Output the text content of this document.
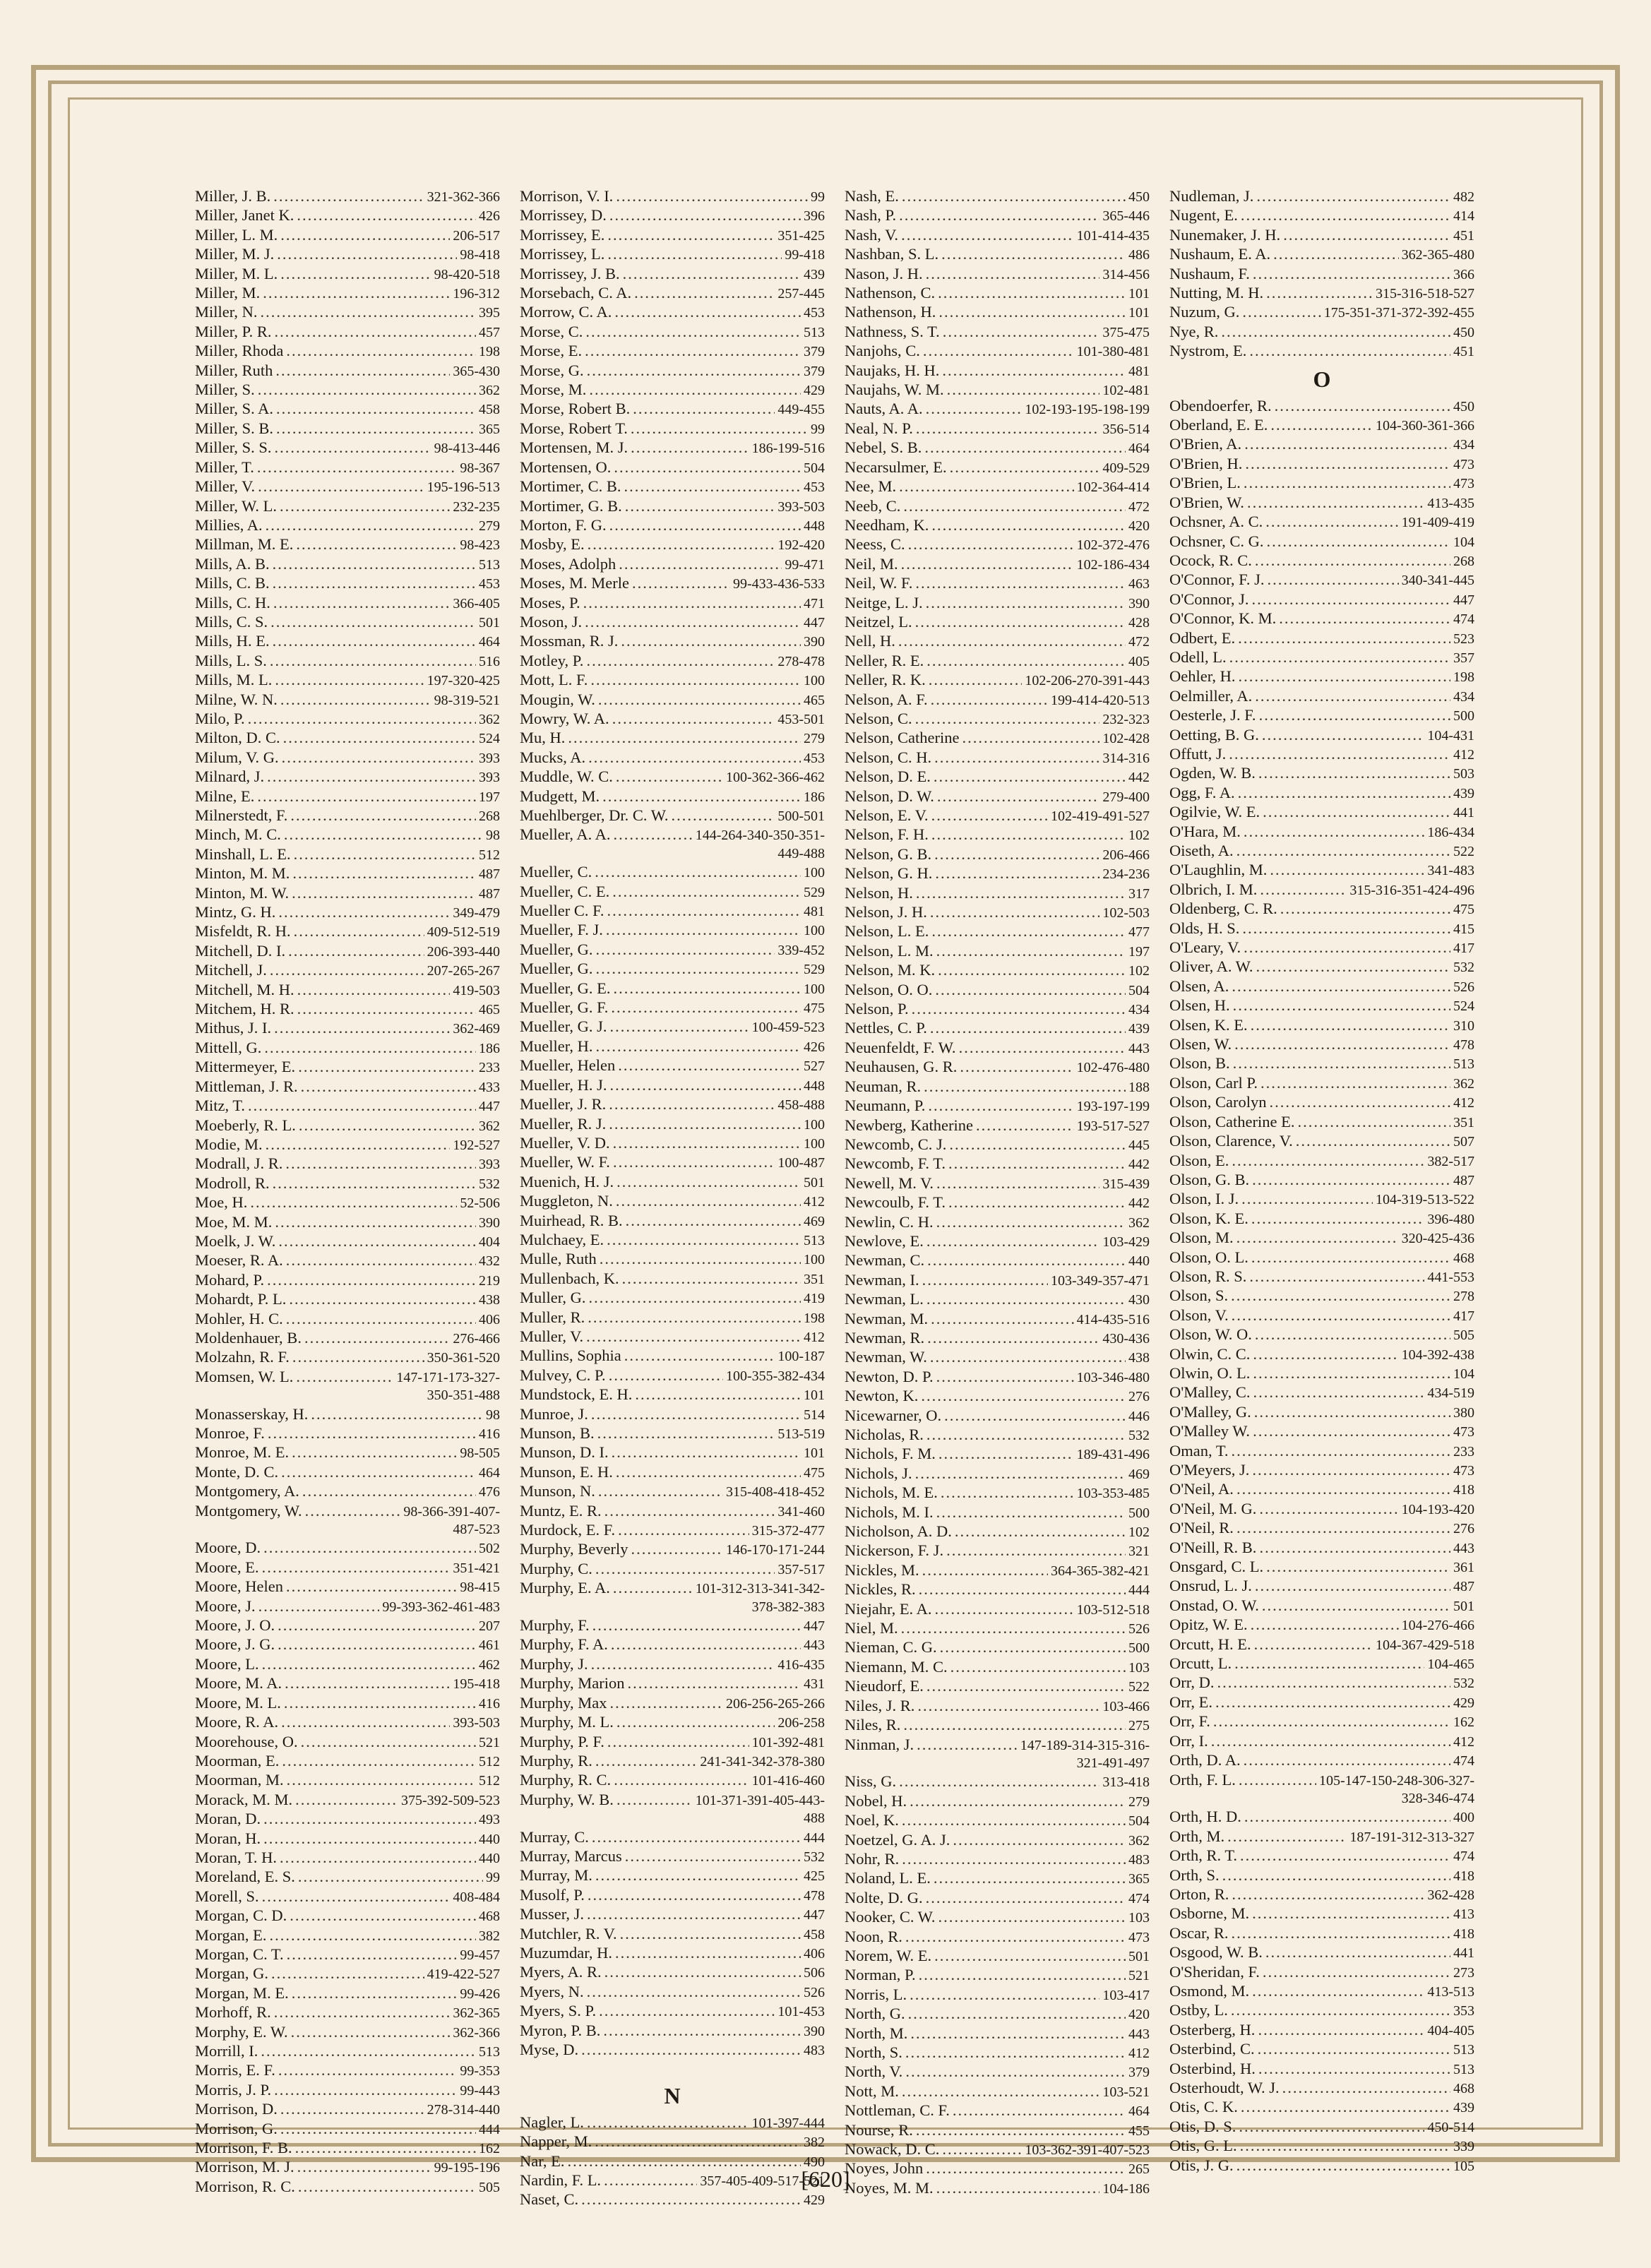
Miller, J. B. .....	321-362-366
Miller, Janet K. .....	426
Miller, L. M. .....	206-517
Miller, M. J. .....	98-418
Miller, M. L. .....	98-420-518
Miller, M. .....	196-312
Miller, N. .....	395
Miller, P. R. .....	457
Miller, Rhoda .....	198
Miller, Ruth .....	365-430
Miller, S. .....	362
Miller, S. A. .....	458
Miller, S. B. .....	365
Miller, S. S. .....	98-413-446
Miller, T. .....	98-367
Miller, V. .....	195-196-513
Miller, W. L. .....	232-235
Millies, A. .....	279
Millman, M. E. .....	98-423
Mills, A. B. .....	513
Mills, C. B. .....	453
Mills, C. H. .....	366-405
Mills, C. S. .....	501
Mills, H. E. .....	464
Mills, L. S. .....	516
Mills, M. L. .....	197-320-425
Milne, W. N. .....	98-319-521
Milo, P. .....	362
Milton, D. C. .....	524
Milum, V. G. .....	393
Milnard, J. .....	393
Milne, E. .....	197
Milnerstedt, F. .....	268
Minch, M. C. .....	98
Minshall, L. E. .....	512
Minton, M. M. .....	487
Minton, M. W. .....	487
Mintz, G. H. .....	349-479
Misfeldt, R. H. .....	409-512-519
Mitchell, D. I. .....	206-393-440
Mitchell, J. .....	207-265-267
Mitchell, M. H. .....	419-503
Mitchem, H. R. .....	465
Mithus, J. I. .....	362-469
Mittell, G. .....	186
Mittermeyer, E. .....	233
Mittleman, J. R. .....	433
Mitz, T. .....	447
Moeberly, R. L. .....	362
Modie, M. .....	192-527
Modrall, J. R. .....	393
Modroll, R. .....	532
Moe, H. .....	52-506
Moe, M. M. .....	390
Moelk, J. W. .....	404
Moeser, R. A. .....	432
Mohard, P. .....	219
Mohardt, P. L. .....	438
Mohler, H. C. .....	406
Moldenhauer, B. .....	276-466
Molzahn, R. F. .....	350-361-520
Momsen, W. L. .....	147-171-173-327-
350-351-488
Monasserskay, H. .....	98
Monroe, F. .....	416
Monroe, M. E. .....	98-505
Monte, D. C. .....	464
Montgomery, A. .....	476
Montgomery, W. .....	98-366-391-407-
487-523
Moore, D. .....	502
Moore, E. .....	351-421
Moore, Helen .....	98-415
Moore, J. .....	99-393-362-461-483
Moore, J. O. .....	207
Moore, J. G. .....	461
Moore, L. .....	462
Moore, M. A. .....	195-418
Moore, M. L. .....	416
Moore, R. A. .....	393-503
Moorehouse, O. .....	521
Moorman, E. .....	512
Moorman, M. .....	512
Morack, M. M. .....	375-392-509-523
Moran, D. .....	493
Moran, H. .....	440
Moran, T. H. .....	440
Moreland, E. S. .....	99
Morell, S. .....	408-484
Morgan, C. D. .....	468
Morgan, E. .....	382
Morgan, C. T. .....	99-457
Morgan, G. .....	419-422-527
Morgan, M. E. .....	99-426
Morhoff, R. .....	362-365
Morphy, E. W. .....	362-366
Morrill, I. .....	513
Morris, E. F. .....	99-353
Morris, J. P. .....	99-443
Morrison, D. .....	278-314-440
Morrison, G. .....	444
Morrison, F. B. .....	162
Morrison, M. J. .....	99-195-196
Morrison, R. C. .....	505
Morrison, V. I. .....	99
Morrissey, D. .....	396
Morrissey, E. .....	351-425
Morrissey, L. .....	99-418
Morrissey, J. B. .....	439
Morsebach, C. A. .....	257-445
Morrow, C. A. .....	453
Morse, C. .....	513
Morse, E. .....	379
Morse, G. .....	379
Morse, M. .....	429
Morse, Robert B. .....	449-455
Morse, Robert T. .....	99
Mortensen, M. J. .....	186-199-516
Mortensen, O. .....	504
Mortimer, C. B. .....	453
Mortimer, G. B. .....	393-503
Morton, F. G. .....	448
Mosby, E. .....	192-420
Moses, Adolph .....	99-471
Moses, M. Merle .....	99-433-436-533
Moses, P. .....	471
Moson, J. .....	447
Mossman, R. J. .....	390
Motley, P. .....	278-478
Mott, L. F. .....	100
Mougin, W. .....	465
Mowry, W. A. .....	453-501
Mu, H. .....	279
Mucks, A. .....	453
Muddle, W. C. .....	100-362-366-462
Mudgett, M. .....	186
Muehlberger, Dr. C. W. .....	500-501
Mueller, A. A. .....	144-264-340-350-351-
449-488
Mueller, C. .....	100
Mueller, C. E. .....	529
Mueller C. F. .....	481
Mueller, F. J. .....	100
Mueller, G. .....	339-452
Mueller, G. .....	529
Mueller, G. E. .....	100
Mueller, G. F. .....	475
Mueller, G. J. .....	100-459-523
Mueller, H. .....	426
Mueller, Helen .....	527
Mueller, H. J. .....	448
Mueller, J. R. .....	458-488
Mueller, R. J. .....	100
Mueller, V. D. .....	100
Mueller, W. F. .....	100-487
Muenich, H. J. .....	501
Muggleton, N. .....	412
Muirhead, R. B. .....	469
Mulchaey, E. .....	513
Mulle, Ruth .....	100
Mullenbach, K. .....	351
Muller, G. .....	419
Muller, R. .....	198
Muller, V. .....	412
Mullins, Sophia .....	100-187
Mulvey, C. P. .....	100-355-382-434
Mundstock, E. H. .....	101
Munroe, J. .....	514
Munson, B. .....	513-519
Munson, D. I. .....	101
Munson, E. H. .....	475
Munson, N. .....	315-408-418-452
Muntz, E. R. .....	341-460
Murdock, E. F. .....	315-372-477
Murphy, Beverly .....	146-170-171-244
Murphy, C. .....	357-517
Murphy, E. A. .....	101-312-313-341-342-
378-382-383
Murphy, F. .....	447
Murphy, F. A. .....	443
Murphy, J. .....	416-435
Murphy, Marion .....	431
Murphy, Max .....	206-256-265-266
Murphy, M. L. .....	206-258
Murphy, P. F. .....	101-392-481
Murphy, R. .....	241-341-342-378-380
Murphy, R. C. .....	101-416-460
Murphy, W. B. .....	101-371-391-405-443-
488
Murray, C. .....	444
Murray, Marcus .....	532
Murray, M. .....	425
Musolf, P. .....	478
Musser, J. .....	447
Mutchler, R. V. .....	458
Muzumdar, H. .....	406
Myers, A. R. .....	506
Myers, N. .....	526
Myers, S. P. .....	101-453
Myron, P. B. .....	390
Myse, D. .....	483
N
Nagler, L. .....	101-397-444
Napper, M. .....	382
Nar, E. .....	490
Nardin, F. L. .....	357-405-409-517-521
Naset, C. .....	429
Nash, E. .....	450
Nash, P. .....	365-446
Nash, V. .....	101-414-435
Nashban, S. L. .....	486
Nason, J. H. .....	314-456
Nathenson, C. .....	101
Nathenson, H. .....	101
Nathness, S. T. .....	375-475
Nanjohs, C. .....	101-380-481
Naujaks, H. H. .....	481
Naujahs, W. M. .....	102-481
Nauts, A. A. .....	102-193-195-198-199
Neal, N. P. .....	356-514
Nebel, S. B. .....	464
Necarsulmer, E. .....	409-529
Nee, M. .....	102-364-414
Neeb, C. .....	472
Needham, K. .....	420
Neess, C. .....	102-372-476
Neil, M. .....	102-186-434
Neil, W. F. .....	463
Neitge, L. J. .....	390
Neitzel, L. .....	428
Nell, H. .....	472
Neller, R. E. .....	405
Neller, R. K. .....	102-206-270-391-443
Nelson, A. F. .....	199-414-420-513
Nelson, C. .....	232-323
Nelson, Catherine .....	102-428
Nelson, C. H. .....	314-316
Nelson, D. E. .....	442
Nelson, D. W. .....	279-400
Nelson, E. V. .....	102-419-491-527
Nelson, F. H. .....	102
Nelson, G. B. .....	206-466
Nelson, G. H. .....	234-236
Nelson, H. .....	317
Nelson, J. H. .....	102-503
Nelson, L. E. .....	477
Nelson, L. M. .....	197
Nelson, M. K. .....	102
Nelson, O. O. .....	504
Nelson, P. .....	434
Nettles, C. P. .....	439
Neuenfeldt, F. W. .....	443
Neuhausen, G. R. .....	102-476-480
Neuman, R. .....	188
Neumann, P. .....	193-197-199
Newberg, Katherine .....	193-517-527
Newcomb, C. J. .....	445
Newcomb, F. T. .....	442
Newell, M. V. .....	315-439
Newcoulb, F. T. .....	442
Newlin, C. H. .....	362
Newlove, E. .....	103-429
Newman, C. .....	440
Newman, I. .....	103-349-357-471
Newman, L. .....	430
Newman, M. .....	414-435-516
Newman, R. .....	430-436
Newman, W. .....	438
Newton, D. P. .....	103-346-480
Newton, K. .....	276
Nicewarner, O. .....	446
Nicholas, R. .....	532
Nichols, F. M. .....	189-431-496
Nichols, J. .....	469
Nichols, M. E. .....	103-353-485
Nichols, M. I. .....	500
Nicholson, A. D. .....	102
Nickerson, F. J. .....	321
Nickles, M. .....	364-365-382-421
Nickles, R. .....	444
Niejahr, E. A. .....	103-512-518
Niel, M. .....	526
Nieman, C. G. .....	500
Niemann, M. C. .....	103
Nieudorf, E. .....	522
Niles, J. R. .....	103-466
Niles, R. .....	275
Ninman, J. .....	147-189-314-315-316-
321-491-497
Niss, G. .....	313-418
Nobel, H. .....	279
Noel, K. .....	504
Noetzel, G. A. J. .....	362
Nohr, R. .....	483
Noland, L. E. .....	365
Nolte, D. G. .....	474
Nooker, C. W. .....	103
Noon, R. .....	473
Norem, W. E. .....	501
Norman, P. .....	521
Norris, L. .....	103-417
North, G. .....	420
North, M. .....	443
North, S. .....	412
North, V. .....	379
Nott, M. .....	103-521
Nottleman, C. F. .....	464
Nourse, R. .....	455
Nowack, D. C. .....	103-362-391-407-523
Noyes, John .....	265
Noyes, M. M. .....	104-186
Nudleman, J. .....	482
Nugent, E. .....	414
Nunemaker, J. H. .....	451
Nushaum, E. A. .....	362-365-480
Nushaum, F. .....	366
Nutting, M. H. .....	315-316-518-527
Nuzum, G. .....	175-351-371-372-392-455
Nye, R. .....	450
Nystrom, E. .....	451
O
Obendoerfer, R. .....	450
Oberland, E. E. .....	104-360-361-366
O'Brien, A. .....	434
O'Brien, H. .....	473
O'Brien, L. .....	473
O'Brien, W. .....	413-435
Ochsner, A. C. .....	191-409-419
Ochsner, C. G. .....	104
Ocock, R. C. .....	268
O'Connor, F. J. .....	340-341-445
O'Connor, J. .....	447
O'Connor, K. M. .....	474
Odbert, E. .....	523
Odell, L. .....	357
Oehler, H. .....	198
Oelmiller, A. .....	434
Oesterle, J. F. .....	500
Oetting, B. G. .....	104-431
Offutt, J. .....	412
Ogden, W. B. .....	503
Ogg, F. A. .....	439
Ogilvie, W. E. .....	441
O'Hara, M. .....	186-434
Oiseth, A. .....	522
O'Laughlin, M. .....	341-483
Olbrich, I. M. .....	315-316-351-424-496
Oldenberg, C. R. .....	475
Olds, H. S. .....	415
O'Leary, V. .....	417
Oliver, A. W. .....	532
Olsen, A. .....	526
Olsen, H. .....	524
Olsen, K. E. .....	310
Olsen, W. .....	478
Olson, B. .....	513
Olson, Carl P. .....	362
Olson, Carolyn .....	412
Olson, Catherine E. .....	351
Olson, Clarence, V. .....	507
Olson, E. .....	382-517
Olson, G. B. .....	487
Olson, I. J. .....	104-319-513-522
Olson, K. E. .....	396-480
Olson, M. .....	320-425-436
Olson, O. L. .....	468
Olson, R. S. .....	441-553
Olson, S. .....	278
Olson, V. .....	417
Olson, W. O. .....	505
Olwin, C. C. .....	104-392-438
Olwin, O. L. .....	104
O'Malley, C. .....	434-519
O'Malley, G. .....	380
O'Malley W. .....	473
Oman, T. .....	233
O'Meyers, J. .....	473
O'Neil, A. .....	418
O'Neil, M. G. .....	104-193-420
O'Neil, R. .....	276
O'Neill, R. B. .....	443
Onsgard, C. L. .....	361
Onsrud, L. J. .....	487
Onstad, O. W. .....	501
Opitz, W. E. .....	104-276-466
Orcutt, H. E. .....	104-367-429-518
Orcutt, L. .....	104-465
Orr, D. .....	532
Orr, E. .....	429
Orr, F. .....	162
Orr, I. .....	412
Orth, D. A. .....	474
Orth, F. L. .....	105-147-150-248-306-327-
328-346-474
Orth, H. D. .....	400
Orth, M. .....	187-191-312-313-327
Orth, R. T. .....	474
Orth, S. .....	418
Orton, R. .....	362-428
Osborne, M. .....	413
Oscar, R. .....	418
Osgood, W. B. .....	441
O'Sheridan, F. .....	273
Osmond, M. .....	413-513
Ostby, L. .....	353
Osterberg, H. .....	404-405
Osterbind, C. .....	513
Osterbind, H. .....	513
Osterhoudt, W. J. .....	468
Otis, C. K. .....	439
Otis, D. S. .....	450-514
Otis, G. L. .....	339
Otis, J. G. .....	105
[620]
